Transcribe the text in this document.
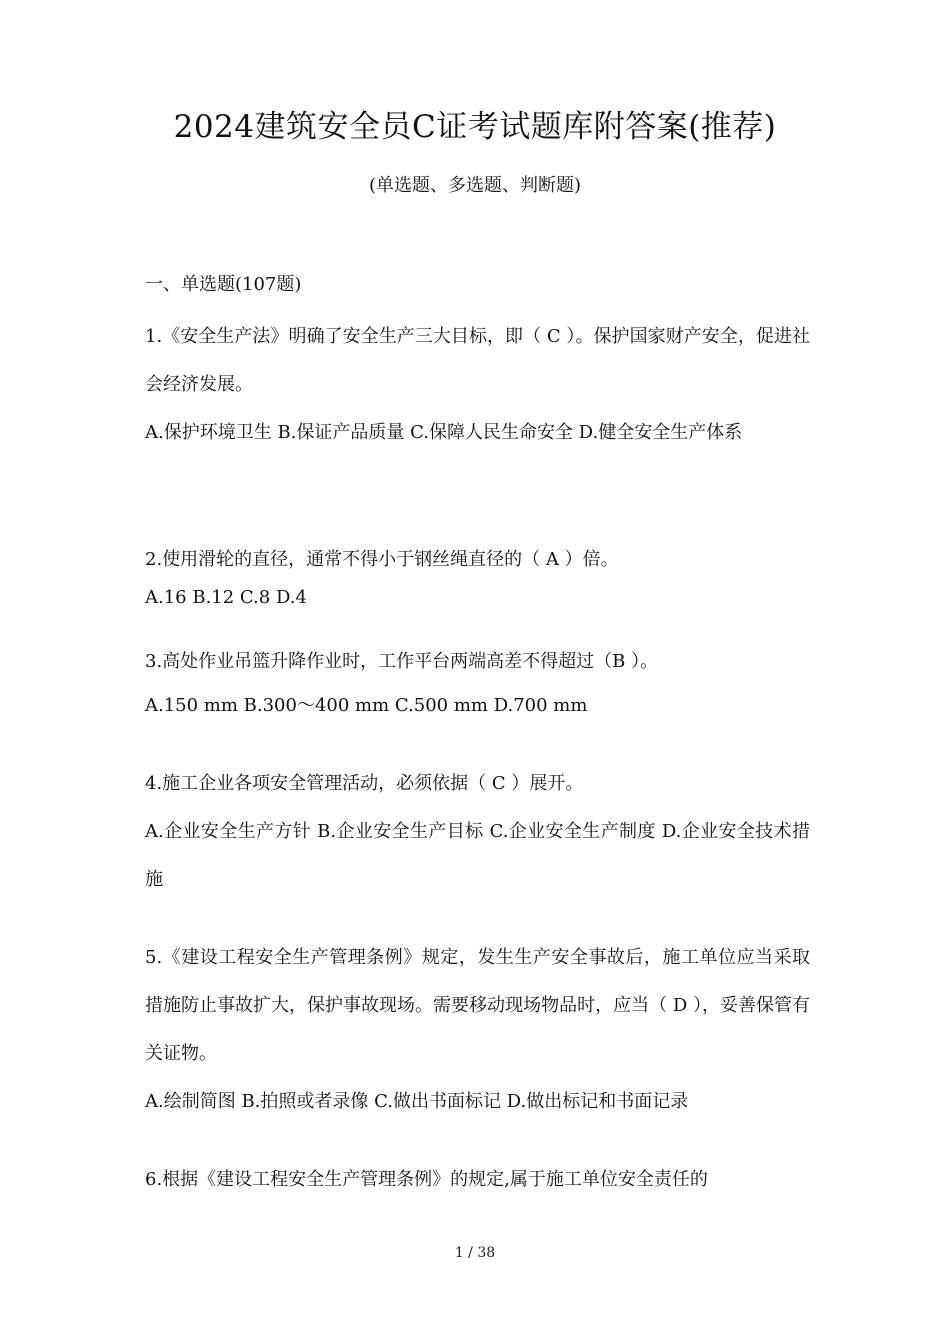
2024建筑安全员C证考试题库附答案(推荐)
(单选题、多选题、判断题)
一、单选题(107题)

1.《安全生产法》明确了安全生产三大目标，即（ C ）。保护国家财产安全，促进社会经济发展。

A.保护环境卫生 B.保证产品质量 C.保障人民生命安全 D.健全安全生产体系

2.使用滑轮的直径，通常不得小于钢丝绳直径的（ A ）倍。

A.16 B.12 C.8 D.4

3.高处作业吊篮升降作业时，工作平台两端高差不得超过（B ）。

A.150 mm B.300～400 mm C.500 mm D.700 mm

4.施工企业各项安全管理活动，必须依据（ C ）展开。

A.企业安全生产方针 B.企业安全生产目标 C.企业安全生产制度 D.企业安全技术措施

5.《建设工程安全生产管理条例》规定，发生生产安全事故后，施工单位应当采取措施防止事故扩大，保护事故现场。需要移动现场物品时，应当（ D ），妥善保管有关证物。

A.绘制简图 B.拍照或者录像 C.做出书面标记 D.做出标记和书面记录

6.根据《建设工程安全生产管理条例》的规定,属于施工单位安全责任的

1 / 38
